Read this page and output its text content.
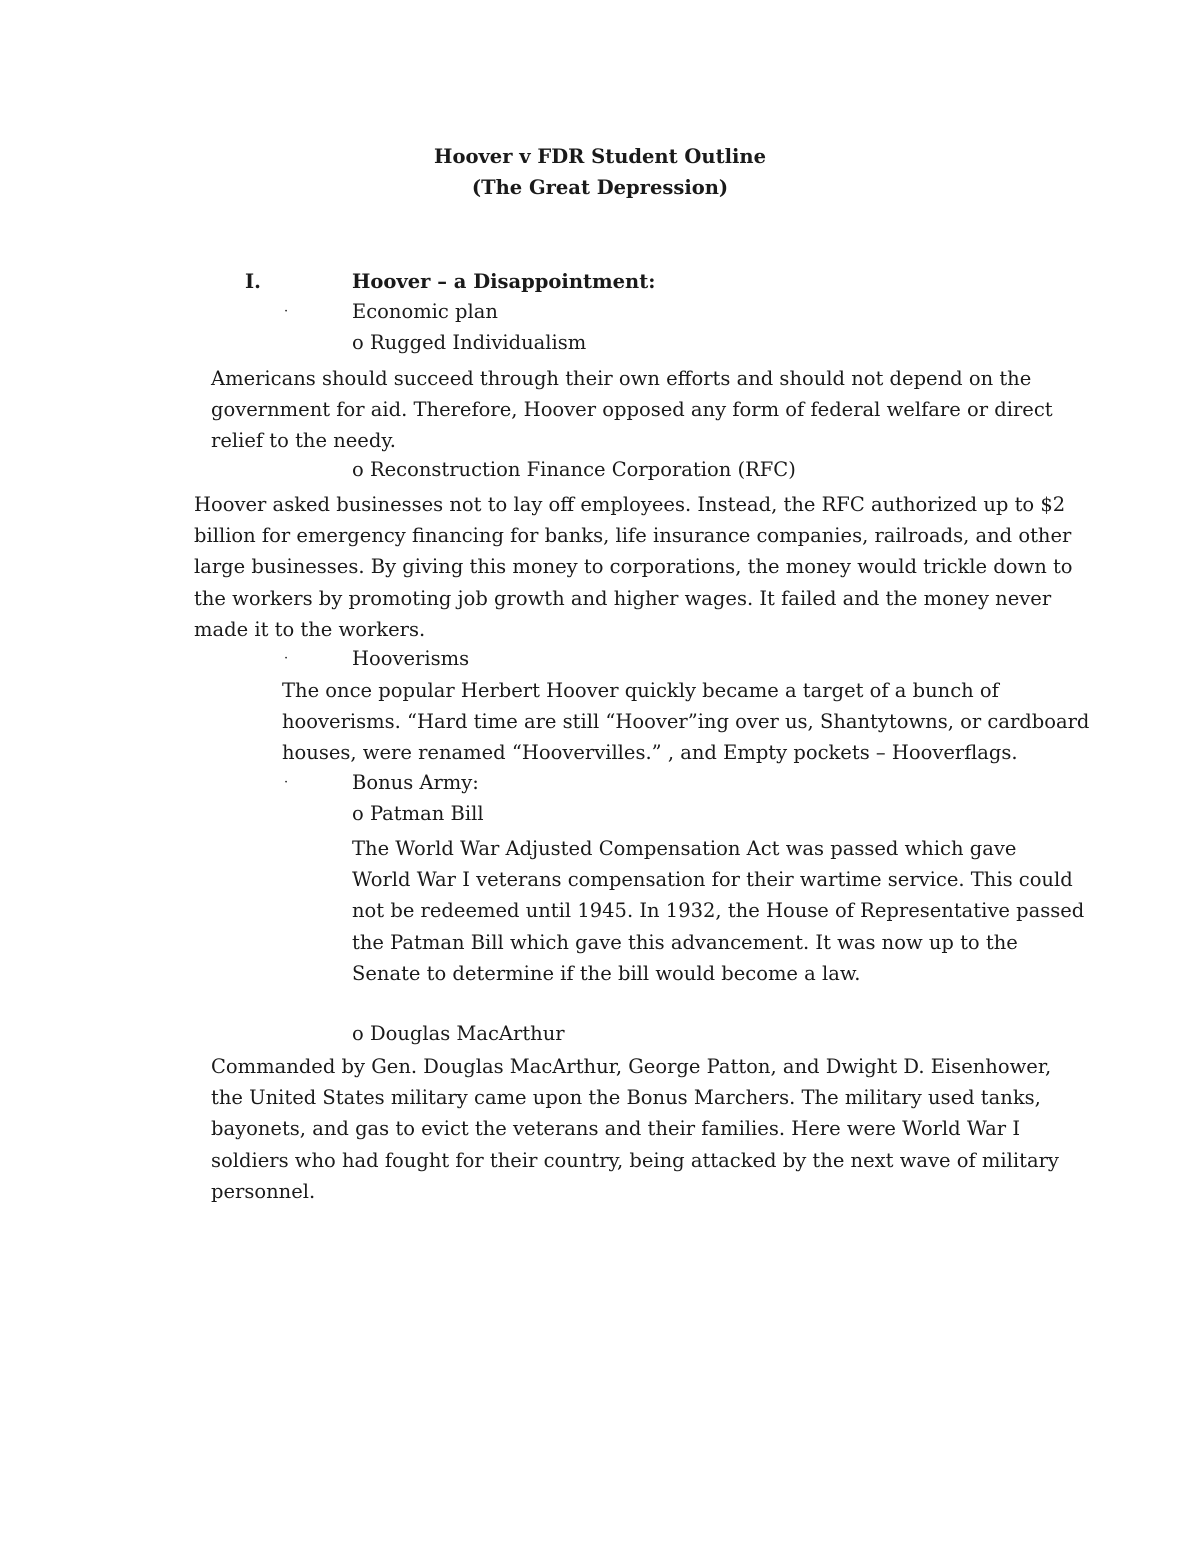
Hoover v FDR Student Outline
(The Great Depression)
I.	Hoover – a Disappointment:
·	Economic plan
o Rugged Individualism
Americans should succeed through their own efforts and should not depend on the
government for aid. Therefore, Hoover opposed any form of federal welfare or direct
relief to the needy.
o Reconstruction Finance Corporation (RFC)
Hoover asked businesses not to lay off employees. Instead, the RFC authorized up to $2
billion for emergency financing for banks, life insurance companies, railroads, and other
large businesses. By giving this money to corporations, the money would trickle down to
the workers by promoting job growth and higher wages. It failed and the money never
made it to the workers.
·	Hooverisms
The once popular Herbert Hoover quickly became a target of a bunch of
hooverisms. “Hard time are still “Hoover”ing over us, Shantytowns, or cardboard
houses, were renamed “Hoovervilles.” , and Empty pockets – Hooverflags.
·	Bonus Army:
o Patman Bill
The World War Adjusted Compensation Act was passed which gave
World War I veterans compensation for their wartime service. This could
not be redeemed until 1945. In 1932, the House of Representative passed
the Patman Bill which gave this advancement. It was now up to the
Senate to determine if the bill would become a law.
o Douglas MacArthur
Commanded by Gen. Douglas MacArthur, George Patton, and Dwight D. Eisenhower,
the United States military came upon the Bonus Marchers. The military used tanks,
bayonets, and gas to evict the veterans and their families. Here were World War I
soldiers who had fought for their country, being attacked by the next wave of military
personnel.
